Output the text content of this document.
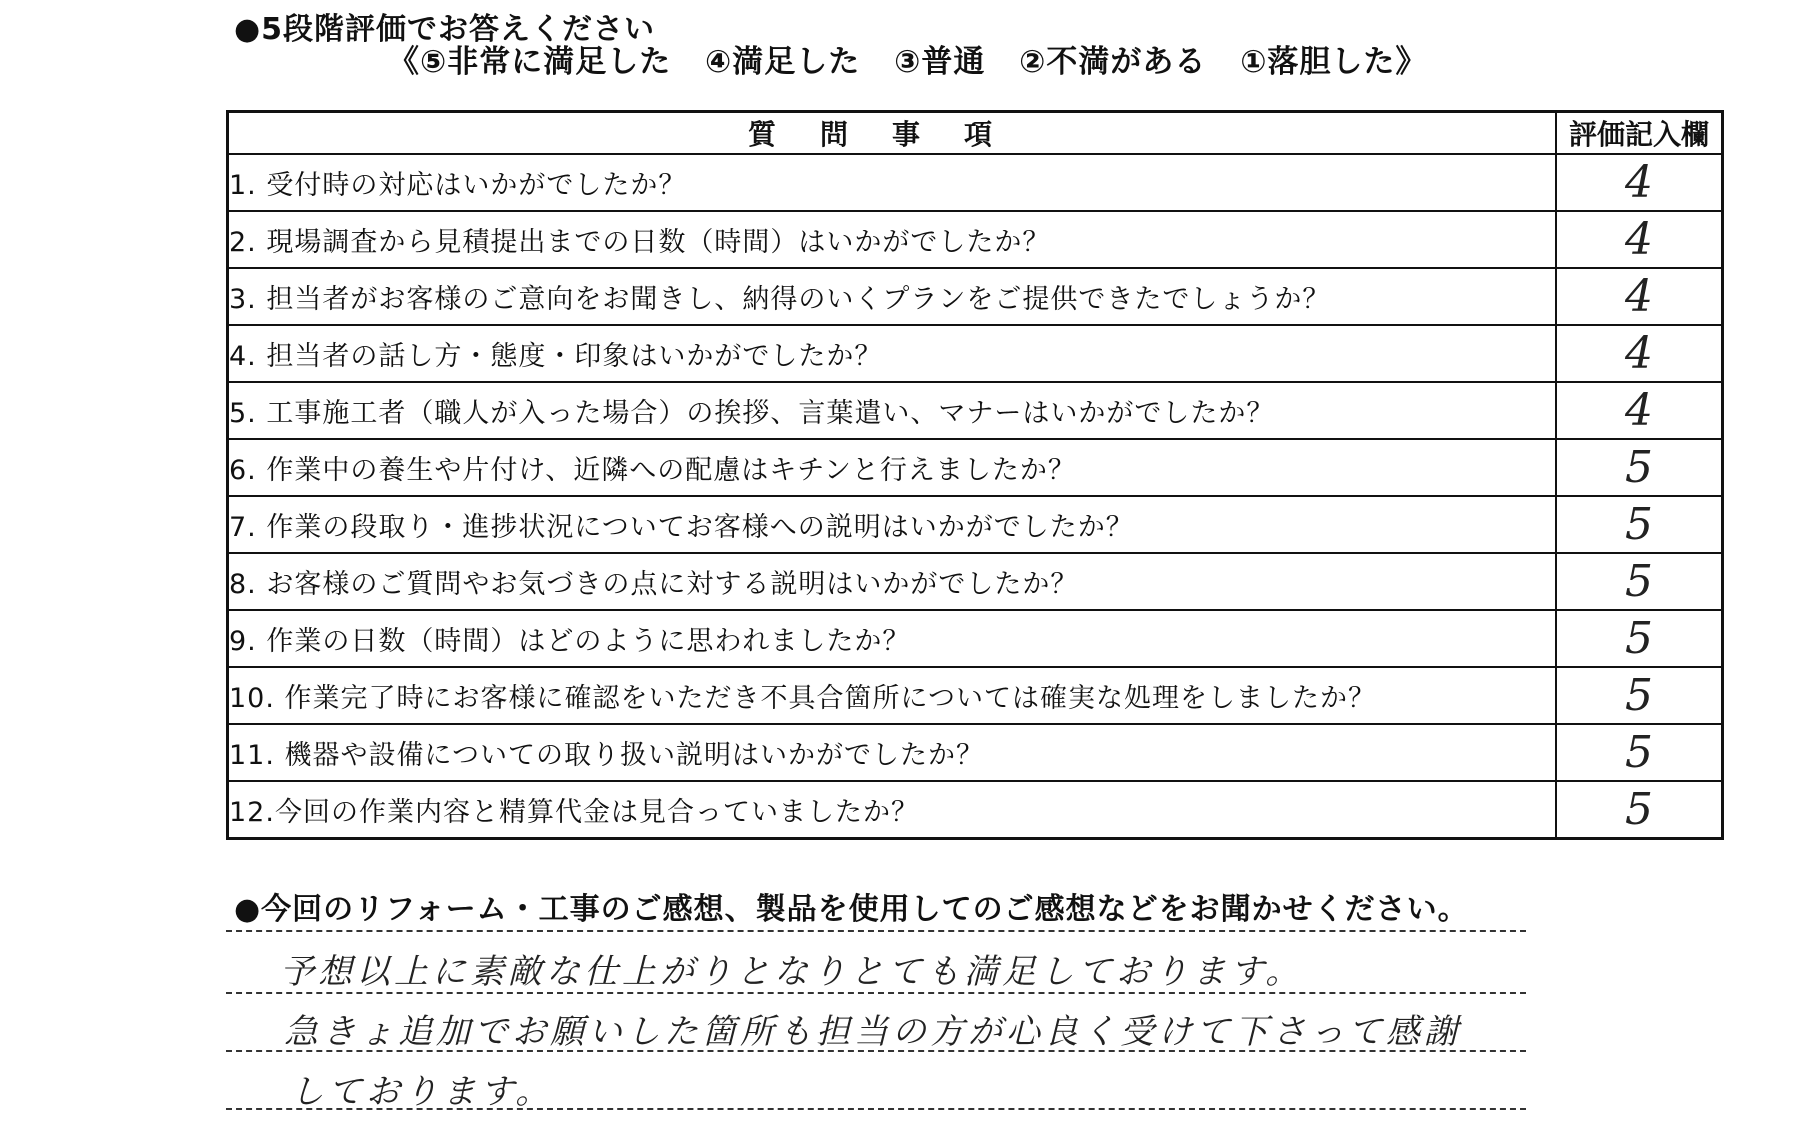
●5段階評価でお答えください
《⑤非常に満足した ④満足した ③普通 ②不満がある ①落胆した》
質問事項	評価記入欄
1. 受付時の対応はいかがでしたか？	4
2. 現場調査から見積提出までの日数（時間）はいかがでしたか？	4
3. 担当者がお客様のご意向をお聞きし、納得のいくプランをご提供できたでしょうか？	4
4. 担当者の話し方・態度・印象はいかがでしたか？	4
5. 工事施工者（職人が入った場合）の挨拶、言葉遣い、マナーはいかがでしたか？	4
6. 作業中の養生や片付け、近隣への配慮はキチンと行えましたか？	5
7. 作業の段取り・進捗状況についてお客様への説明はいかがでしたか？	5
8. お客様のご質問やお気づきの点に対する説明はいかがでしたか？	5
9. 作業の日数（時間）はどのように思われましたか？	5
10. 作業完了時にお客様に確認をいただき不具合箇所については確実な処理をしましたか？	5
11. 機器や設備についての取り扱い説明はいかがでしたか？	5
12.今回の作業内容と精算代金は見合っていましたか？	5
●今回のリフォーム・工事のご感想、製品を使用してのご感想などをお聞かせください。
予想以上に素敵な仕上がりとなりとても満足しております。
急きょ追加でお願いした箇所も担当の方が心良く受けて下さって感謝
しております。
